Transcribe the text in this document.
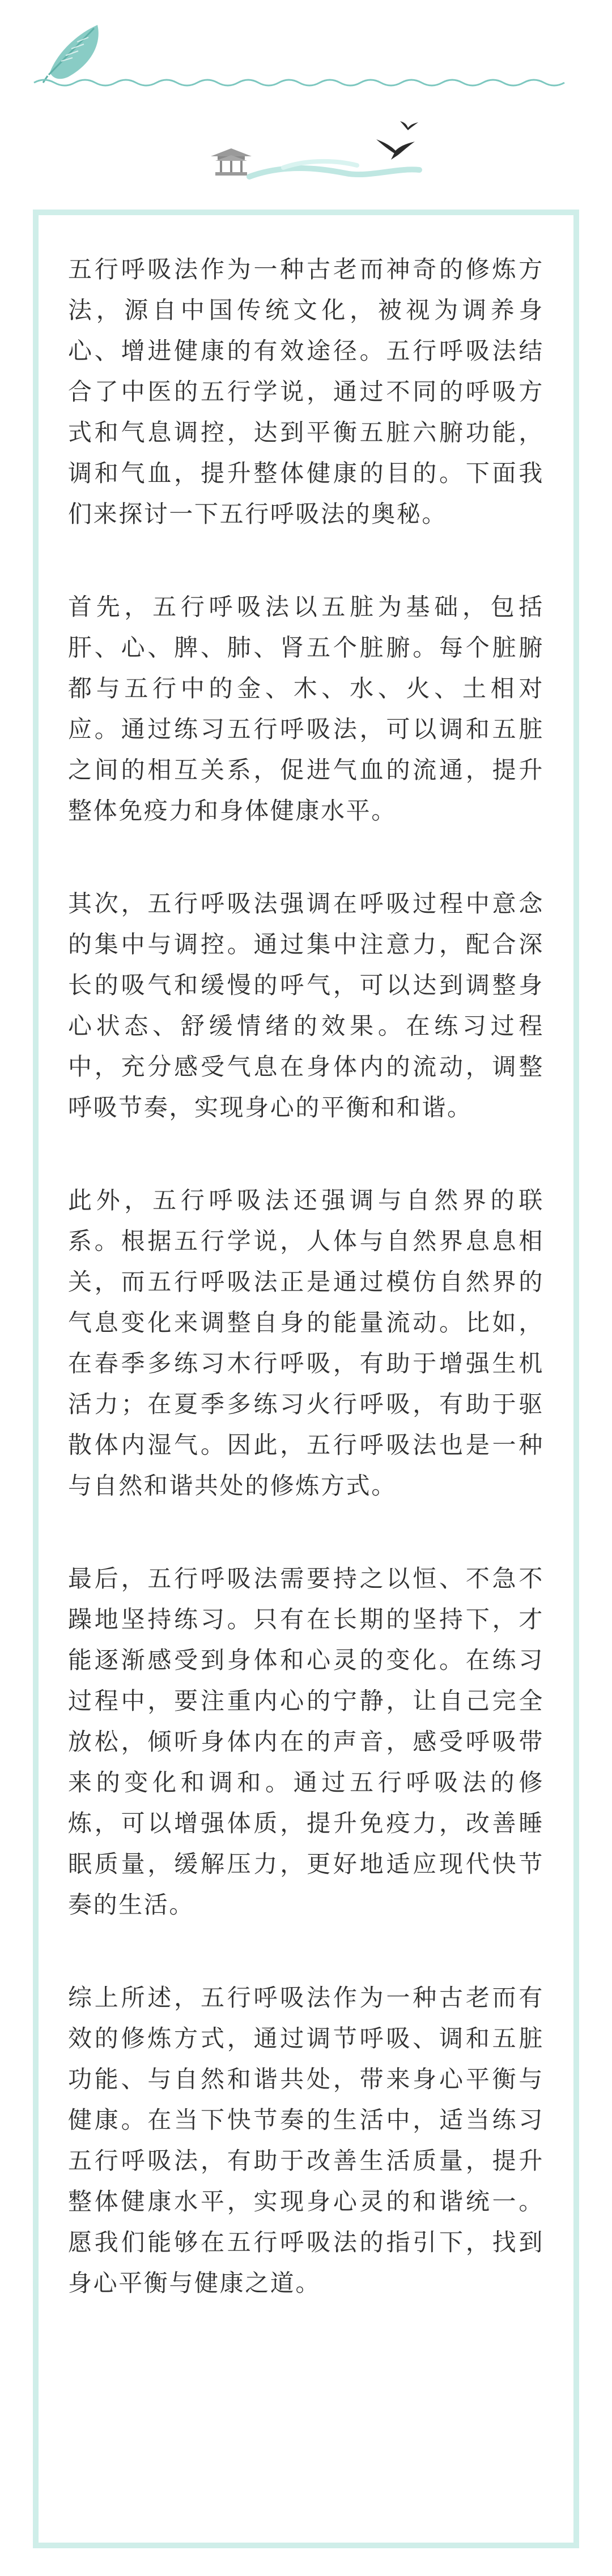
五行呼吸法作为一种古老而神奇的修炼方法，源自中国传统文化，被视为调养身心、增进健康的有效途径。五行呼吸法结合了中医的五行学说，通过不同的呼吸方式和气息调控，达到平衡五脏六腑功能，调和气血，提升整体健康的目的。下面我们来探讨一下五行呼吸法的奥秘。

首先，五行呼吸法以五脏为基础，包括肝、心、脾、肺、肾五个脏腑。每个脏腑都与五行中的金、木、水、火、土相对应。通过练习五行呼吸法，可以调和五脏之间的相互关系，促进气血的流通，提升整体免疫力和身体健康水平。

其次，五行呼吸法强调在呼吸过程中意念的集中与调控。通过集中注意力，配合深长的吸气和缓慢的呼气，可以达到调整身心状态、舒缓情绪的效果。在练习过程中，充分感受气息在身体内的流动，调整呼吸节奏，实现身心的平衡和和谐。

此外，五行呼吸法还强调与自然界的联系。根据五行学说，人体与自然界息息相关，而五行呼吸法正是通过模仿自然界的气息变化来调整自身的能量流动。比如，在春季多练习木行呼吸，有助于增强生机活力；在夏季多练习火行呼吸，有助于驱散体内湿气。因此，五行呼吸法也是一种与自然和谐共处的修炼方式。

最后，五行呼吸法需要持之以恒、不急不躁地坚持练习。只有在长期的坚持下，才能逐渐感受到身体和心灵的变化。在练习过程中，要注重内心的宁静，让自己完全放松，倾听身体内在的声音，感受呼吸带来的变化和调和。通过五行呼吸法的修炼，可以增强体质，提升免疫力，改善睡眠质量，缓解压力，更好地适应现代快节奏的生活。

综上所述，五行呼吸法作为一种古老而有效的修炼方式，通过调节呼吸、调和五脏功能、与自然和谐共处，带来身心平衡与健康。在当下快节奏的生活中，适当练习五行呼吸法，有助于改善生活质量，提升整体健康水平，实现身心灵的和谐统一。愿我们能够在五行呼吸法的指引下，找到身心平衡与健康之道。
